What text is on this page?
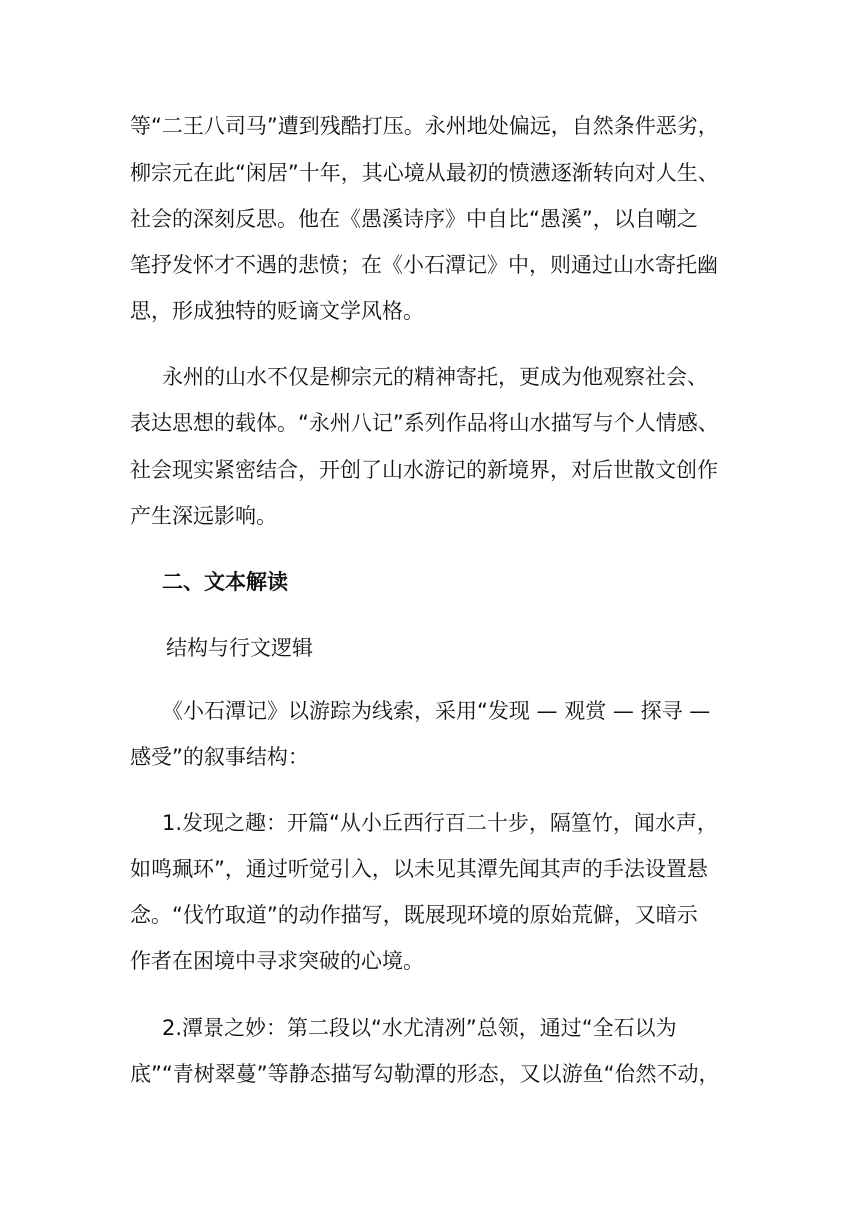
等“二王八司马”遭到残酷打压。永州地处偏远，自然条件恶劣，
柳宗元在此“闲居”十年，其心境从最初的愤懑逐渐转向对人生、
社会的深刻反思。他在《愚溪诗序》中自比“愚溪”，以自嘲之
笔抒发怀才不遇的悲愤；在《小石潭记》中，则通过山水寄托幽
思，形成独特的贬谪文学风格。
永州的山水不仅是柳宗元的精神寄托，更成为他观察社会、
表达思想的载体。“永州八记”系列作品将山水描写与个人情感、
社会现实紧密结合，开创了山水游记的新境界，对后世散文创作
产生深远影响。
二、文本解读
结构与行文逻辑
《小石潭记》以游踪为线索，采用“发现 — 观赏 — 探寻 —
感受”的叙事结构：
1.发现之趣：开篇“从小丘西行百二十步，隔篁竹，闻水声，
如鸣珮环”，通过听觉引入，以未见其潭先闻其声的手法设置悬
念。“伐竹取道”的动作描写，既展现环境的原始荒僻，又暗示
作者在困境中寻求突破的心境。
2.潭景之妙：第二段以“水尤清冽”总领，通过“全石以为
底”“青树翠蔓”等静态描写勾勒潭的形态，又以游鱼“佁然不动，
